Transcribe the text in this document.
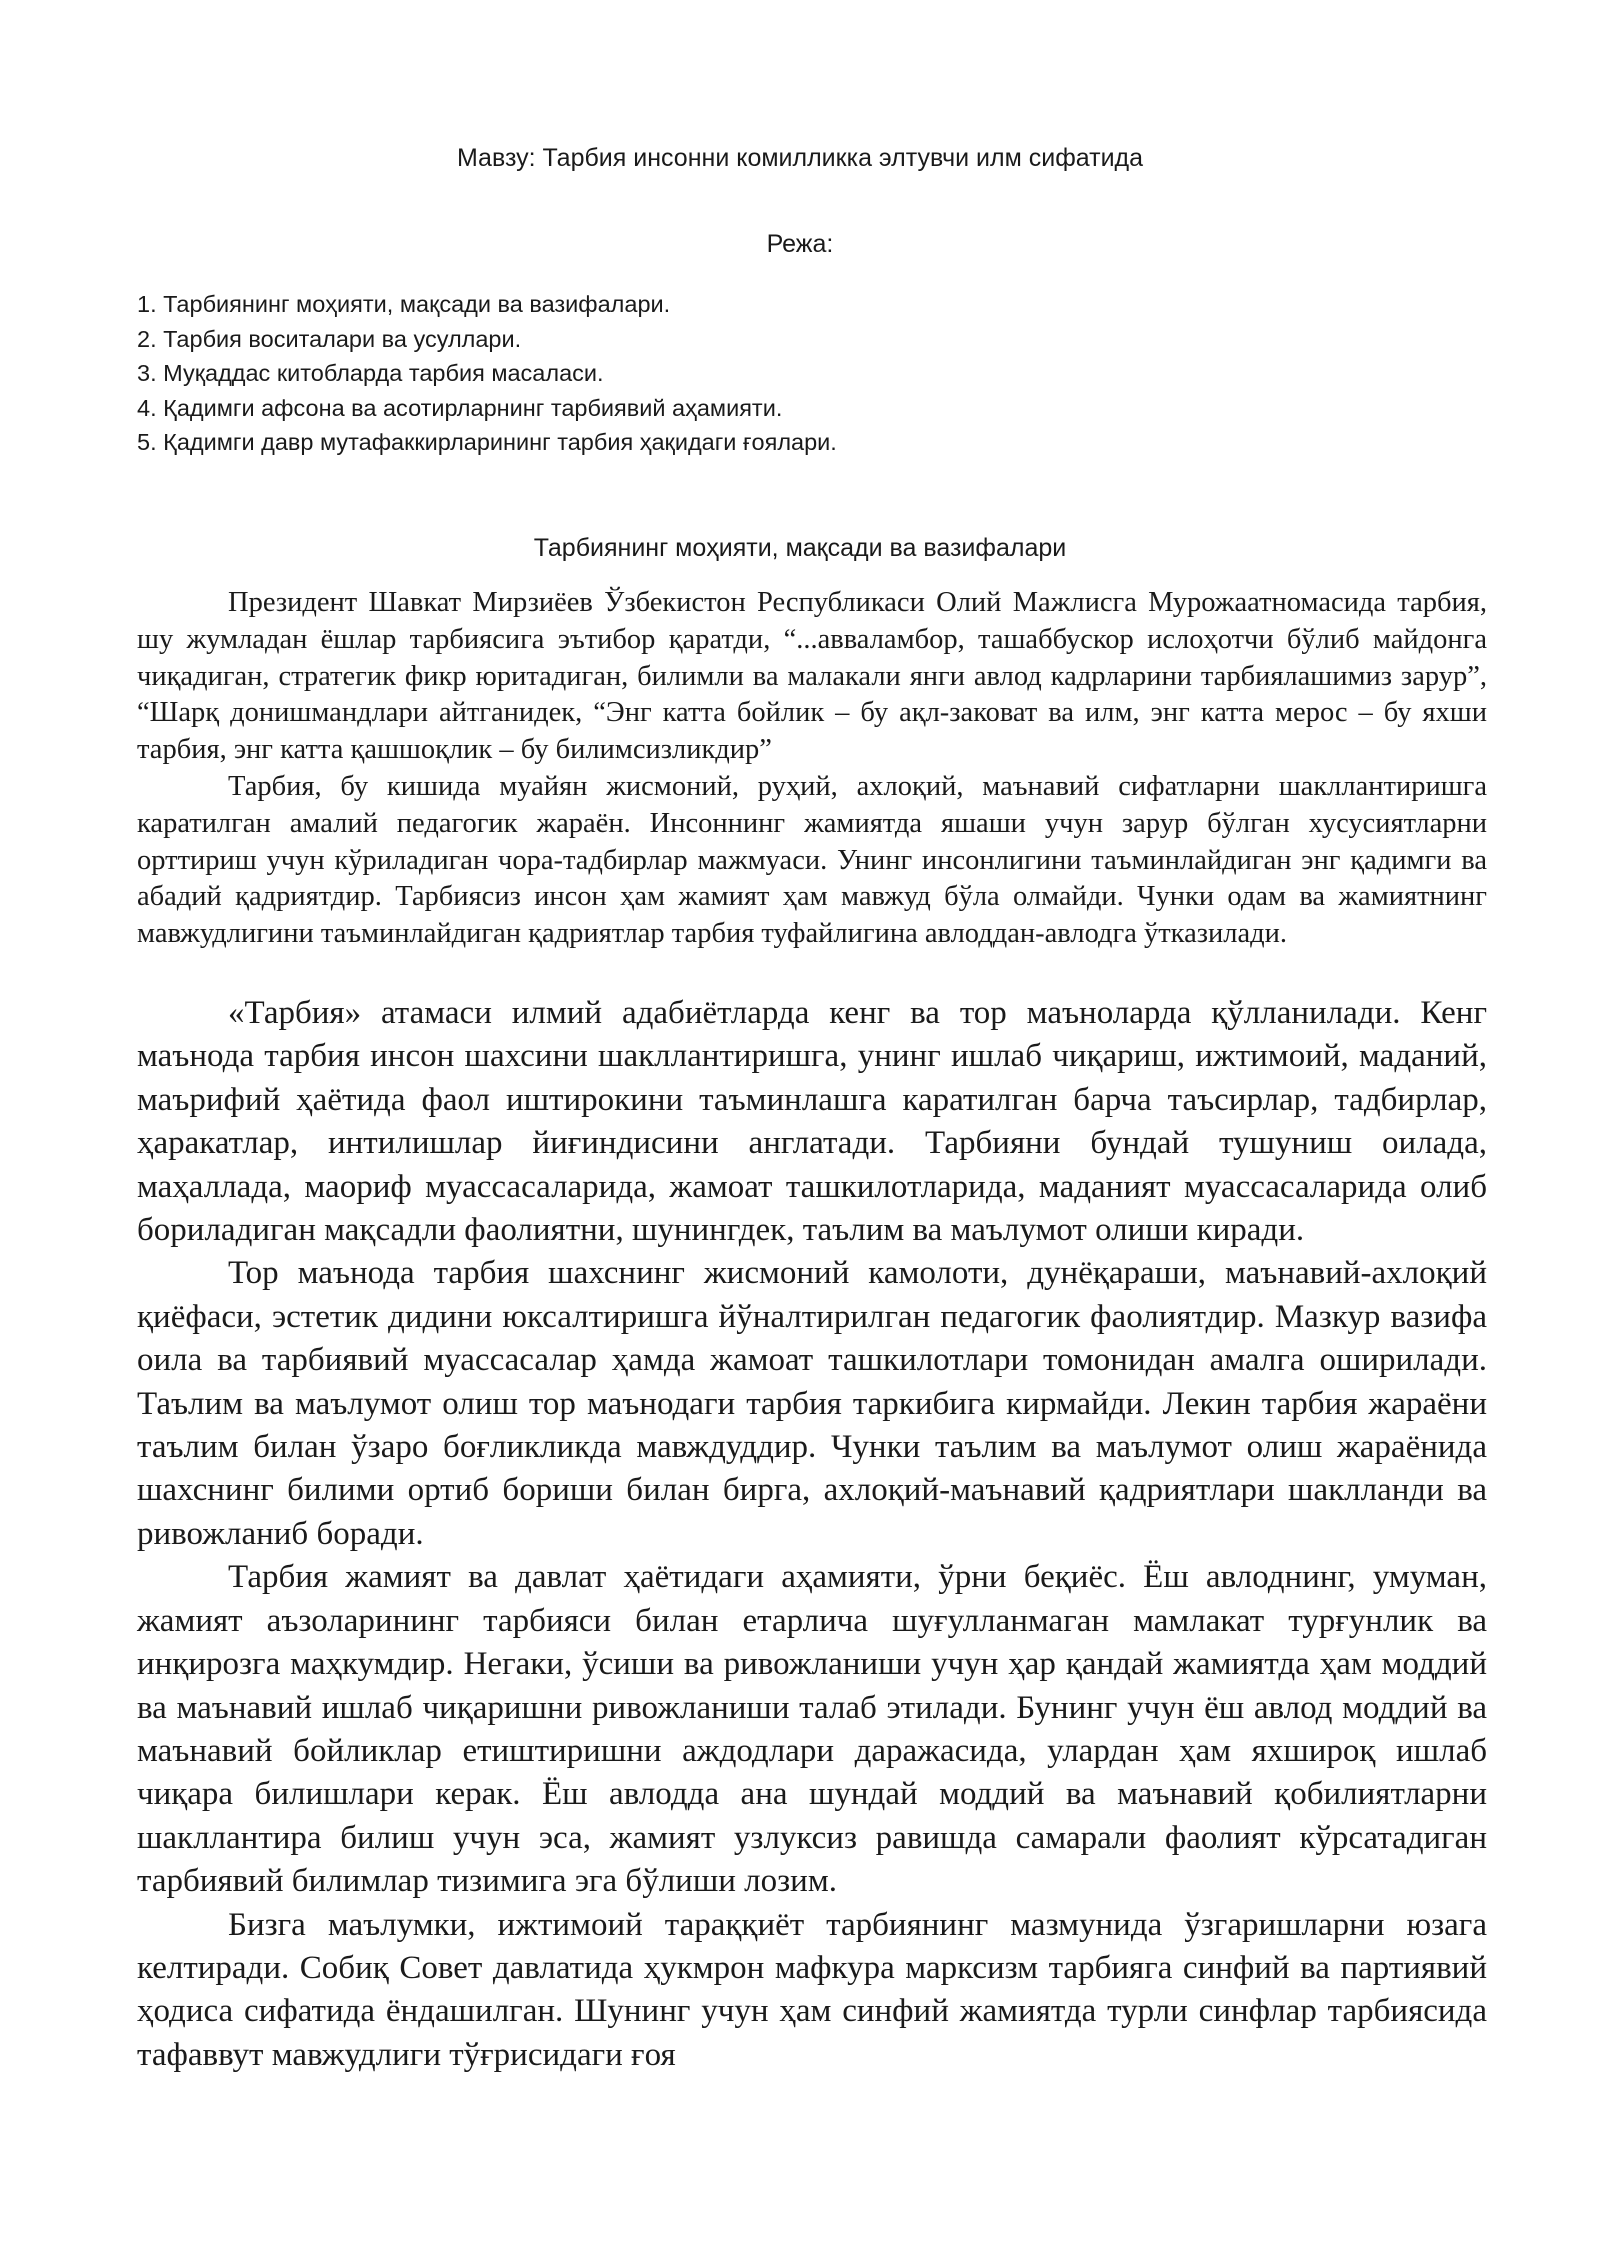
Мавзу: Тарбия инсонни комилликка элтувчи илм сифатида
Режа:
1. Тарбиянинг моҳияти, мақсади ва вазифалари.
2. Тарбия воситалари ва усуллари.
3. Муқаддас китобларда тарбия масаласи.
4. Қадимги афсона ва асотирларнинг тарбиявий аҳамияти.
5. Қадимги давр мутафаккирларининг тарбия ҳақидаги ғоялари.
Тарбиянинг моҳияти, мақсади ва вазифалари

Президент Шавкат Мирзиёев Ўзбекистон Республикаси Олий Мажлисга Мурожаатномасида тарбия, шу жумладан ёшлар тарбиясига эътибор қаратди, “...авваламбор, ташаббускор ислоҳотчи бўлиб майдонга чиқадиган, стратегик фикр юритадиган, билимли ва малакали янги авлод кадрларини тарбиялашимиз зарур”, “Шарқ донишмандлари айтганидек, “Энг катта бойлик – бу ақл-заковат ва илм, энг катта мерос – бу яхши тарбия, энг катта қашшоқлик – бу билимсизликдир”

Тарбия, бу кишида муайян жисмоний, руҳий, ахлоқий, маънавий сифатларни шакллантиришга каратилган амалий педагогик жараён. Инсоннинг жамиятда яшаши учун зарур бўлган хусусиятларни орттириш учун кўриладиган чора-тадбирлар мажмуаси. Унинг инсонлигини таъминлайдиган энг қадимги ва абадий қадриятдир. Тарбиясиз инсон ҳам жамият ҳам мавжуд бўла олмайди. Чунки одам ва жамиятнинг мавжудлигини таъминлайдиган қадриятлар тарбия туфайлигина авлоддан-авлодга ўтказилади.

«Тарбия» атамаси илмий адабиётларда кенг ва тор маъноларда қўлланилади. Кенг маънода тарбия инсон шахсини шакллантиришга, унинг ишлаб чиқариш, ижтимоий, маданий, маърифий ҳаётида фаол иштирокини таъминлашга каратилган барча таъсирлар, тадбирлар, ҳаракатлар, интилишлар йиғиндисини англатади. Тарбияни бундай тушуниш оилада, маҳаллада, маориф муассасаларида, жамоат ташкилотларида, маданият муассасаларида олиб бориладиган мақсадли фаолиятни, шунингдек, таълим ва маълумот олиши киради.

Тор маънода тарбия шахснинг жисмоний камолоти, дунёқараши, маънавий-ахлоқий қиёфаси, эстетик дидини юксалтиришга йўналтирилган педагогик фаолиятдир. Мазкур вазифа оила ва тарбиявий муассасалар ҳамда жамоат ташкилотлари томонидан амалга оширилади. Таълим ва маълумот олиш тор маънодаги тарбия таркибига кирмайди. Лекин тарбия жараёни таълим билан ўзаро боғликликда мавждуддир. Чунки таълим ва маълумот олиш жараёнида шахснинг билими ортиб бориши билан бирга, ахлоқий-маънавий қадриятлари шаклланди ва ривожланиб боради.

Тарбия жамият ва давлат ҳаётидаги аҳамияти, ўрни беқиёс. Ёш авлоднинг, умуман, жамият аъзоларининг тарбияси билан етарлича шуғулланмаган мамлакат турғунлик ва инқирозга маҳкумдир. Негаки, ўсиши ва ривожланиши учун ҳар қандай жамиятда ҳам моддий ва маънавий ишлаб чиқаришни ривожланиши талаб этилади. Бунинг учун ёш авлод моддий ва маънавий бойликлар етиштиришни аждодлари даражасида, улардан ҳам яхшироқ ишлаб чиқара билишлари керак. Ёш авлодда ана шундай моддий ва маънавий қобилиятларни шакллантира билиш учун эса, жамият узлуксиз равишда самарали фаолият кўрсатадиган тарбиявий билимлар тизимига эга бўлиши лозим.

Бизга маълумки, ижтимоий тараққиёт тарбиянинг мазмунида ўзгаришларни юзага келтиради. Собиқ Совет давлатида ҳукмрон мафкура марксизм тарбияга синфий ва партиявий ҳодиса сифатида ёндашилган. Шунинг учун ҳам синфий жамиятда турли синфлар тарбиясида тафаввут мавжудлиги тўғрисидаги ғоя
